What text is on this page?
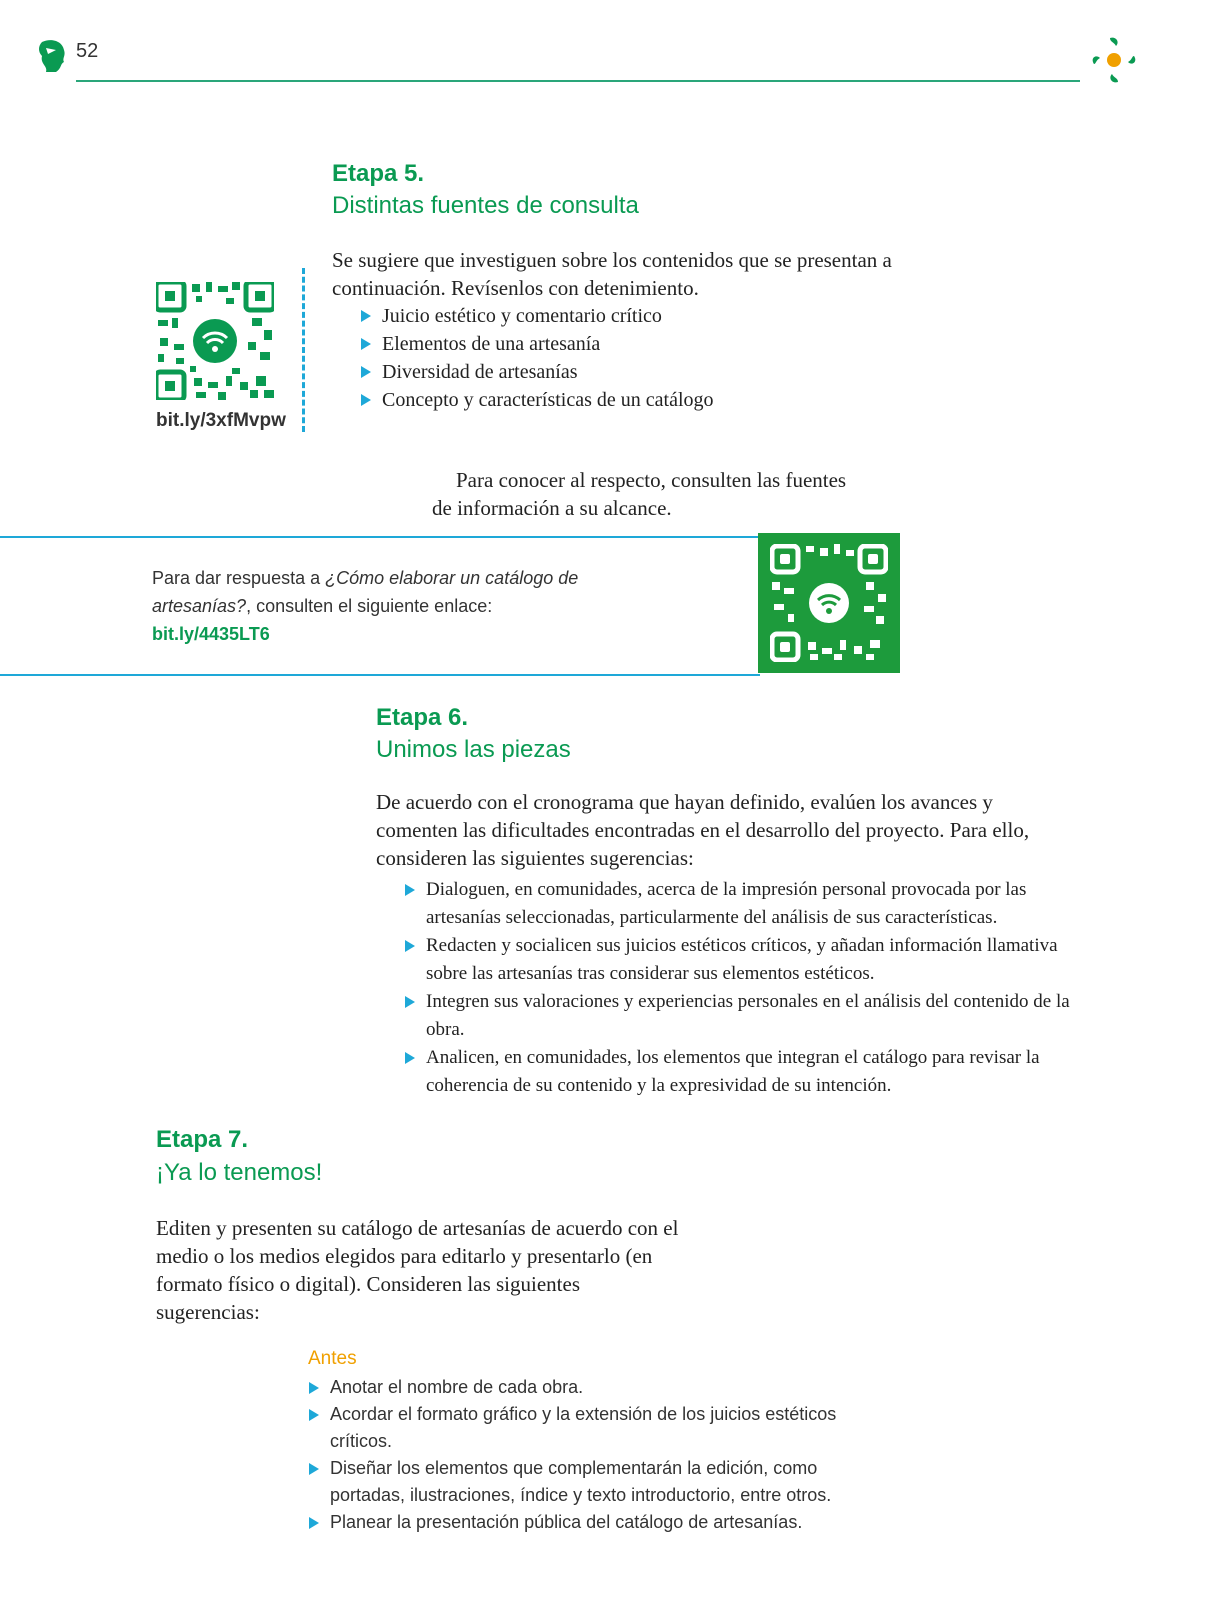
52
Etapa 5.
Distintas fuentes de consulta
bit.ly/3xfMvpw
Se sugiere que investiguen sobre los contenidos que se presentan a continuación. Revísenlos con detenimiento.
Juicio estético y comentario crítico
Elementos de una artesanía
Diversidad de artesanías
Concepto y características de un catálogo
Para conocer al respecto, consulten las fuentes
de información a su alcance.
Para dar respuesta a ¿Cómo elaborar un catálogo de artesanías?, consulten el siguiente enlace:
bit.ly/4435LT6
Etapa 6.
Unimos las piezas
De acuerdo con el cronograma que hayan definido, evalúen los avances y comenten las dificultades encontradas en el desarrollo del proyecto. Para ello, consideren las siguientes sugerencias:
Dialoguen, en comunidades, acerca de la impresión personal provocada por las artesanías seleccionadas, particularmente del análisis de sus características.
Redacten y socialicen sus juicios estéticos críticos, y añadan información llamativa sobre las artesanías tras considerar sus elementos estéticos.
Integren sus valoraciones y experiencias personales en el análisis del contenido de la obra.
Analicen, en comunidades, los elementos que integran el catálogo para revisar la coherencia de su contenido y la expresividad de su intención.
Etapa 7.
¡Ya lo tenemos!
Editen y presenten su catálogo de artesanías de acuerdo con el medio o los medios elegidos para editarlo y presentarlo (en formato físico o digital). Consideren las siguientes sugerencias:
Antes
Anotar el nombre de cada obra.
Acordar el formato gráfico y la extensión de los juicios estéticos críticos.
Diseñar los elementos que complementarán la edición, como portadas, ilustraciones, índice y texto introductorio, entre otros.
Planear la presentación pública del catálogo de artesanías.
